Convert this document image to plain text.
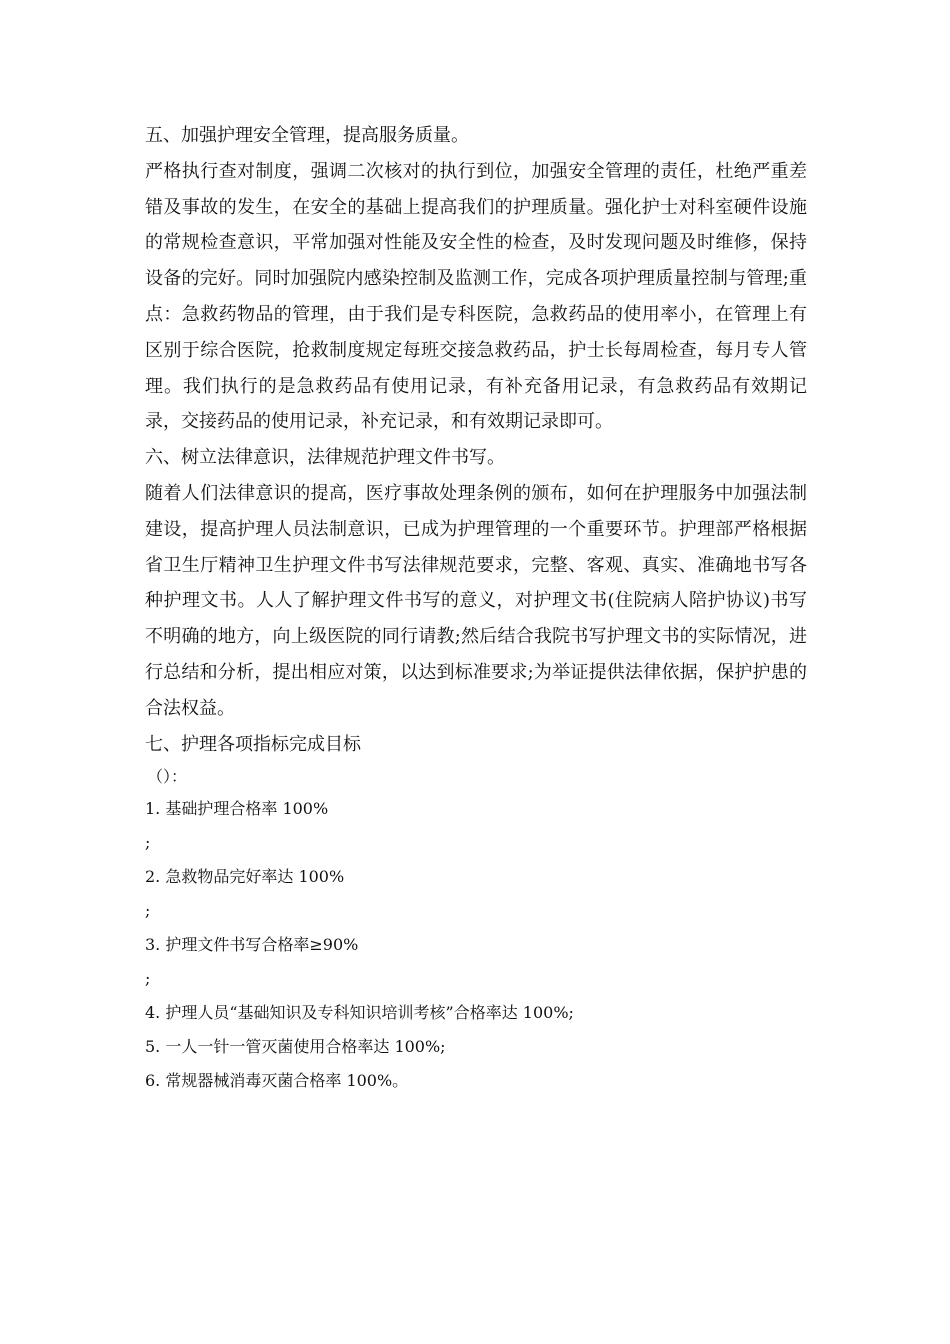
五、加强护理安全管理，提高服务质量。

严格执行查对制度，强调二次核对的执行到位，加强安全管理的责任，杜绝严重差错及事故的发生，在安全的基础上提高我们的护理质量。强化护士对科室硬件设施的常规检查意识，平常加强对性能及安全性的检查，及时发现问题及时维修，保持设备的完好。同时加强院内感染控制及监测工作，完成各项护理质量控制与管理;重点：急救药物品的管理，由于我们是专科医院，急救药品的使用率小，在管理上有区别于综合医院，抢救制度规定每班交接急救药品，护士长每周检查，每月专人管理。我们执行的是急救药品有使用记录，有补充备用记录，有急救药品有效期记录，交接药品的使用记录，补充记录，和有效期记录即可。

六、树立法律意识，法律规范护理文件书写。

随着人们法律意识的提高，医疗事故处理条例的颁布，如何在护理服务中加强法制建设，提高护理人员法制意识，已成为护理管理的一个重要环节。护理部严格根据省卫生厅精神卫生护理文件书写法律规范要求，完整、客观、真实、准确地书写各种护理文书。人人了解护理文件书写的意义，对护理文书(住院病人陪护协议)书写不明确的地方，向上级医院的同行请教;然后结合我院书写护理文书的实际情况，进行总结和分析，提出相应对策，以达到标准要求;为举证提供法律依据，保护护患的合法权益。

七、护理各项指标完成目标

（）：

1. 基础护理合格率 100%

;

2. 急救物品完好率达 100%

;

3. 护理文件书写合格率≥90%

;

4. 护理人员“基础知识及专科知识培训考核”合格率达 100%;

5. 一人一针一管灭菌使用合格率达 100%;

6. 常规器械消毒灭菌合格率 100%。
